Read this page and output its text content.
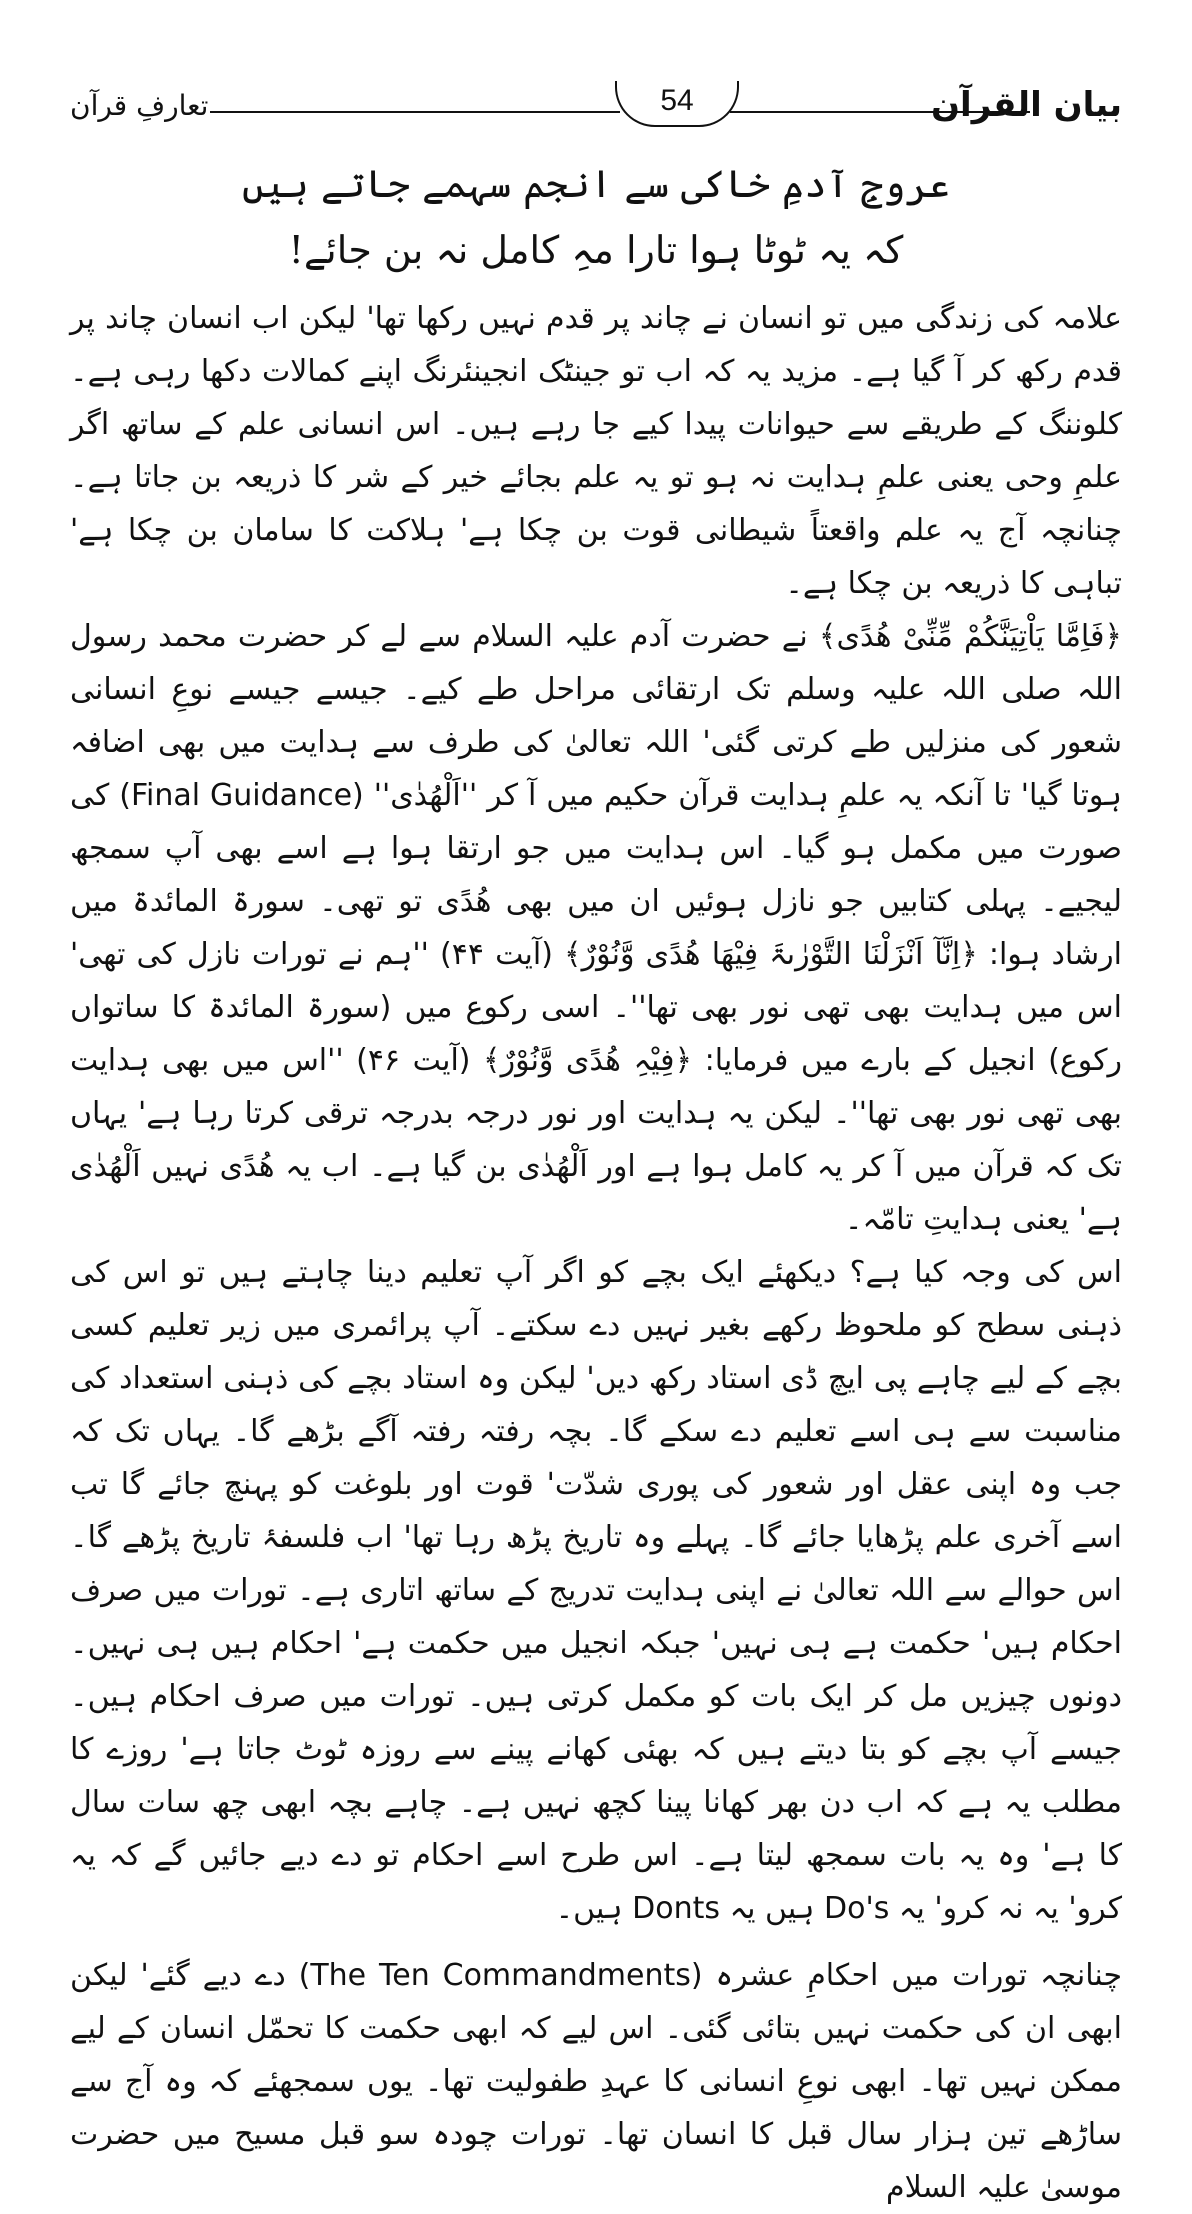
تعارفِ قرآن	54	بیان القرآن
عروجِ آدمِ خاکی سے انجم سہمے جاتے ہیں
کہ یہ ٹوٹا ہوا تارا مہِ کامل نہ بن جائے!

علامہ کی زندگی میں تو انسان نے چاند پر قدم نہیں رکھا تھا' لیکن اب انسان چاند پر قدم رکھ کر آ گیا ہے۔ مزید یہ کہ اب تو جینٹک انجینئرنگ اپنے کمالات دکھا رہی ہے۔ کلوننگ کے طریقے سے حیوانات پیدا کیے جا رہے ہیں۔ اس انسانی علم کے ساتھ اگر علمِ وحی یعنی علمِ ہدایت نہ ہو تو یہ علم بجائے خیر کے شر کا ذریعہ بن جاتا ہے۔ چنانچہ آج یہ علم واقعتاً شیطانی قوت بن چکا ہے' ہلاکت کا سامان بن چکا ہے' تباہی کا ذریعہ بن چکا ہے۔

﴿فَاِمَّا یَاْتِیَنَّکُمْ مِّنِّیْ ھُدًی﴾ نے حضرت آدم علیہ السلام سے لے کر حضرت محمد رسول اللہ صلی اللہ علیہ وسلم تک ارتقائی مراحل طے کیے۔ جیسے جیسے نوعِ انسانی شعور کی منزلیں طے کرتی گئی' اللہ تعالیٰ کی طرف سے ہدایت میں بھی اضافہ ہوتا گیا' تا آنکہ یہ علمِ ہدایت قرآن حکیم میں آ کر ''اَلْھُدٰی'' (Final Guidance) کی صورت میں مکمل ہو گیا۔ اس ہدایت میں جو ارتقا ہوا ہے اسے بھی آپ سمجھ لیجیے۔ پہلی کتابیں جو نازل ہوئیں ان میں بھی ھُدًی تو تھی۔ سورۃ المائدۃ میں ارشاد ہوا: ﴿اِنَّآ اَنْزَلْنَا التَّوْرٰىۃَ فِیْھَا ھُدًی وَّنُوْرٌ﴾ (آیت ۴۴) ''ہم نے تورات نازل کی تھی' اس میں ہدایت بھی تھی نور بھی تھا''۔ اسی رکوع میں (سورۃ المائدۃ کا ساتواں رکوع) انجیل کے بارے میں فرمایا: ﴿فِیْہِ ھُدًی وَّنُوْرٌ﴾ (آیت ۴۶) ''اس میں بھی ہدایت بھی تھی نور بھی تھا''۔ لیکن یہ ہدایت اور نور درجہ بدرجہ ترقی کرتا رہا ہے' یہاں تک کہ قرآن میں آ کر یہ کامل ہوا ہے اور اَلْھُدٰی بن گیا ہے۔ اب یہ ھُدًی نہیں اَلْھُدٰی ہے' یعنی ہدایتِ تامّہ۔

اس کی وجہ کیا ہے؟ دیکھئے ایک بچے کو اگر آپ تعلیم دینا چاہتے ہیں تو اس کی ذہنی سطح کو ملحوظ رکھے بغیر نہیں دے سکتے۔ آپ پرائمری میں زیر تعلیم کسی بچے کے لیے چاہے پی ایچ ڈی استاد رکھ دیں' لیکن وہ استاد بچے کی ذہنی استعداد کی مناسبت سے ہی اسے تعلیم دے سکے گا۔ بچہ رفتہ رفتہ آگے بڑھے گا۔ یہاں تک کہ جب وہ اپنی عقل اور شعور کی پوری شدّت' قوت اور بلوغت کو پہنچ جائے گا تب اسے آخری علم پڑھایا جائے گا۔ پہلے وہ تاریخ پڑھ رہا تھا' اب فلسفۂ تاریخ پڑھے گا۔ اس حوالے سے اللہ تعالیٰ نے اپنی ہدایت تدریج کے ساتھ اتاری ہے۔ تورات میں صرف احکام ہیں' حکمت ہے ہی نہیں' جبکہ انجیل میں حکمت ہے' احکام ہیں ہی نہیں۔ دونوں چیزیں مل کر ایک بات کو مکمل کرتی ہیں۔ تورات میں صرف احکام ہیں۔ جیسے آپ بچے کو بتا دیتے ہیں کہ بھئی کھانے پینے سے روزہ ٹوٹ جاتا ہے' روزے کا مطلب یہ ہے کہ اب دن بھر کھانا پینا کچھ نہیں ہے۔ چاہے بچہ ابھی چھ سات سال کا ہے' وہ یہ بات سمجھ لیتا ہے۔ اس طرح اسے احکام تو دے دیے جائیں گے کہ یہ کرو' یہ نہ کرو' یہ Do's ہیں یہ Donts ہیں۔

چنانچہ تورات میں احکامِ عشرہ (The Ten Commandments) دے دیے گئے' لیکن ابھی ان کی حکمت نہیں بتائی گئی۔ اس لیے کہ ابھی حکمت کا تحمّل انسان کے لیے ممکن نہیں تھا۔ ابھی نوعِ انسانی کا عہدِ طفولیت تھا۔ یوں سمجھئے کہ وہ آج سے ساڑھے تین ہزار سال قبل کا انسان تھا۔ تورات چودہ سو قبل مسیح میں حضرت موسیٰ علیہ السلام
